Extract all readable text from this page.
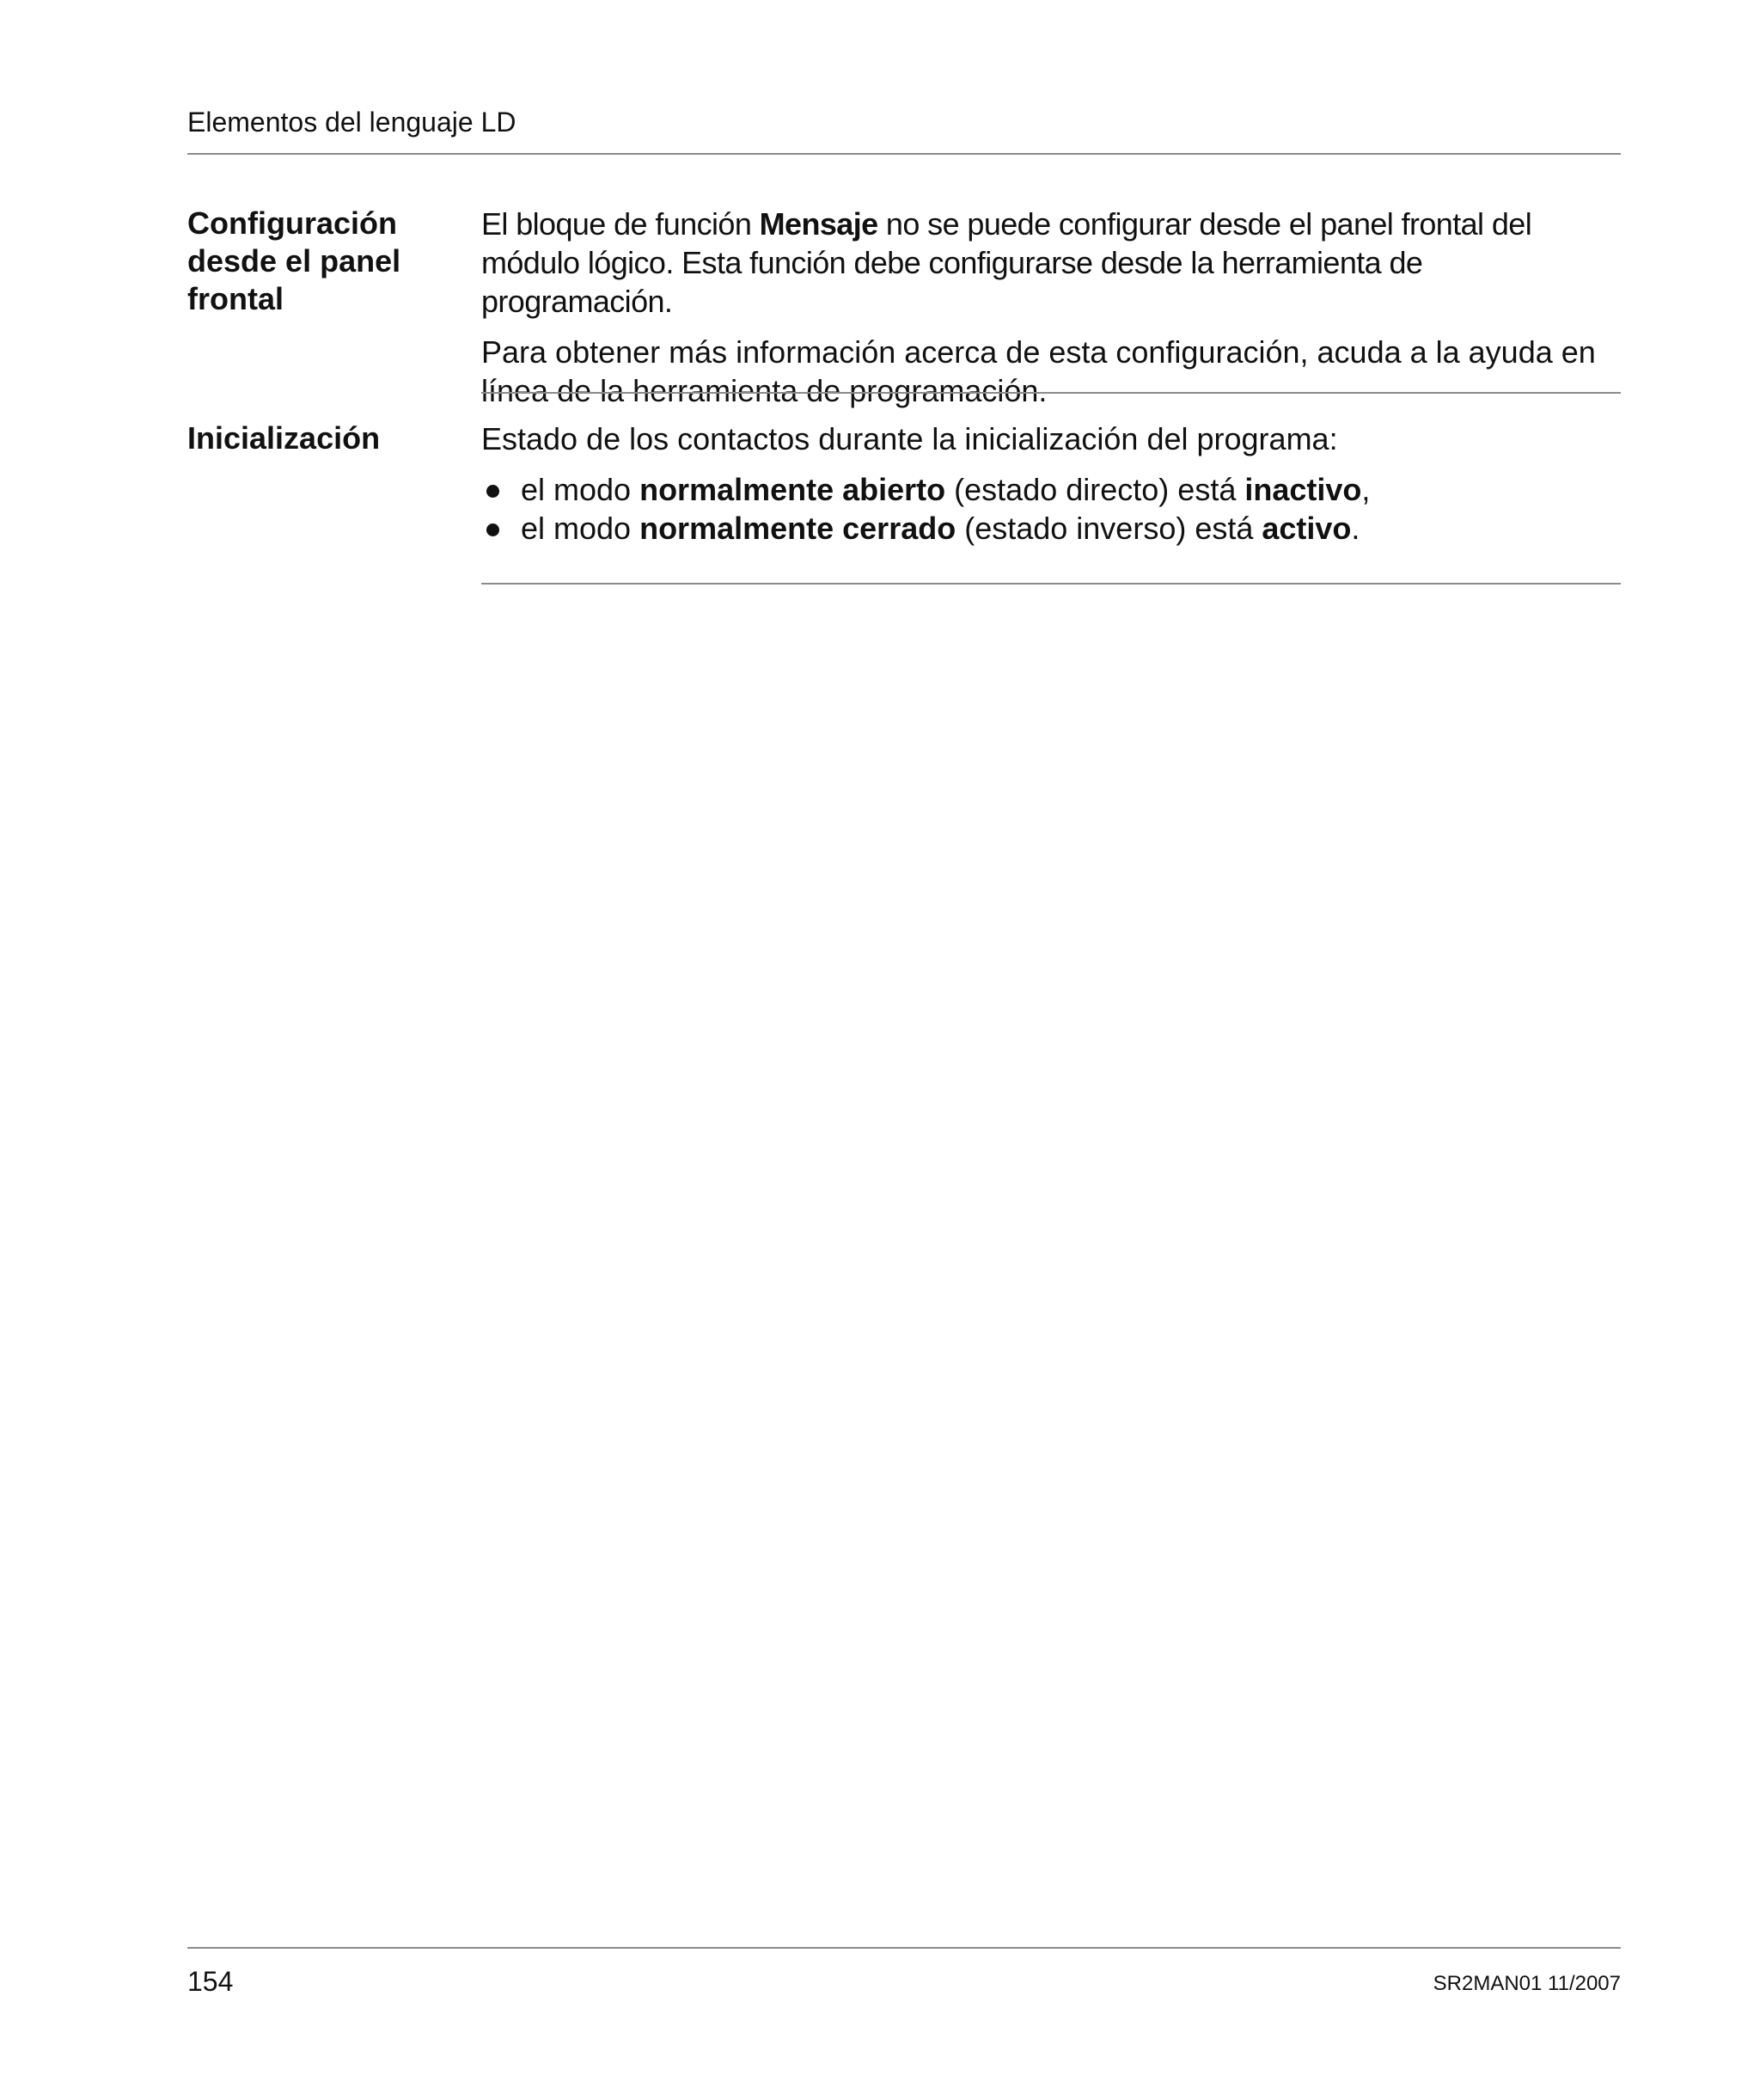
Elementos del lenguaje LD
Configuración desde el panel frontal

El bloque de función Mensaje no se puede configurar desde el panel frontal del módulo lógico. Esta función debe configurarse desde la herramienta de programación.

Para obtener más información acerca de esta configuración, acuda a la ayuda en línea de la herramienta de programación.

Inicialización	Estado de los contactos durante la inicialización del programa:

el modo normalmente abierto (estado directo) está inactivo,
el modo normalmente cerrado (estado inverso) está activo.
154	SR2MAN01 11/2007
